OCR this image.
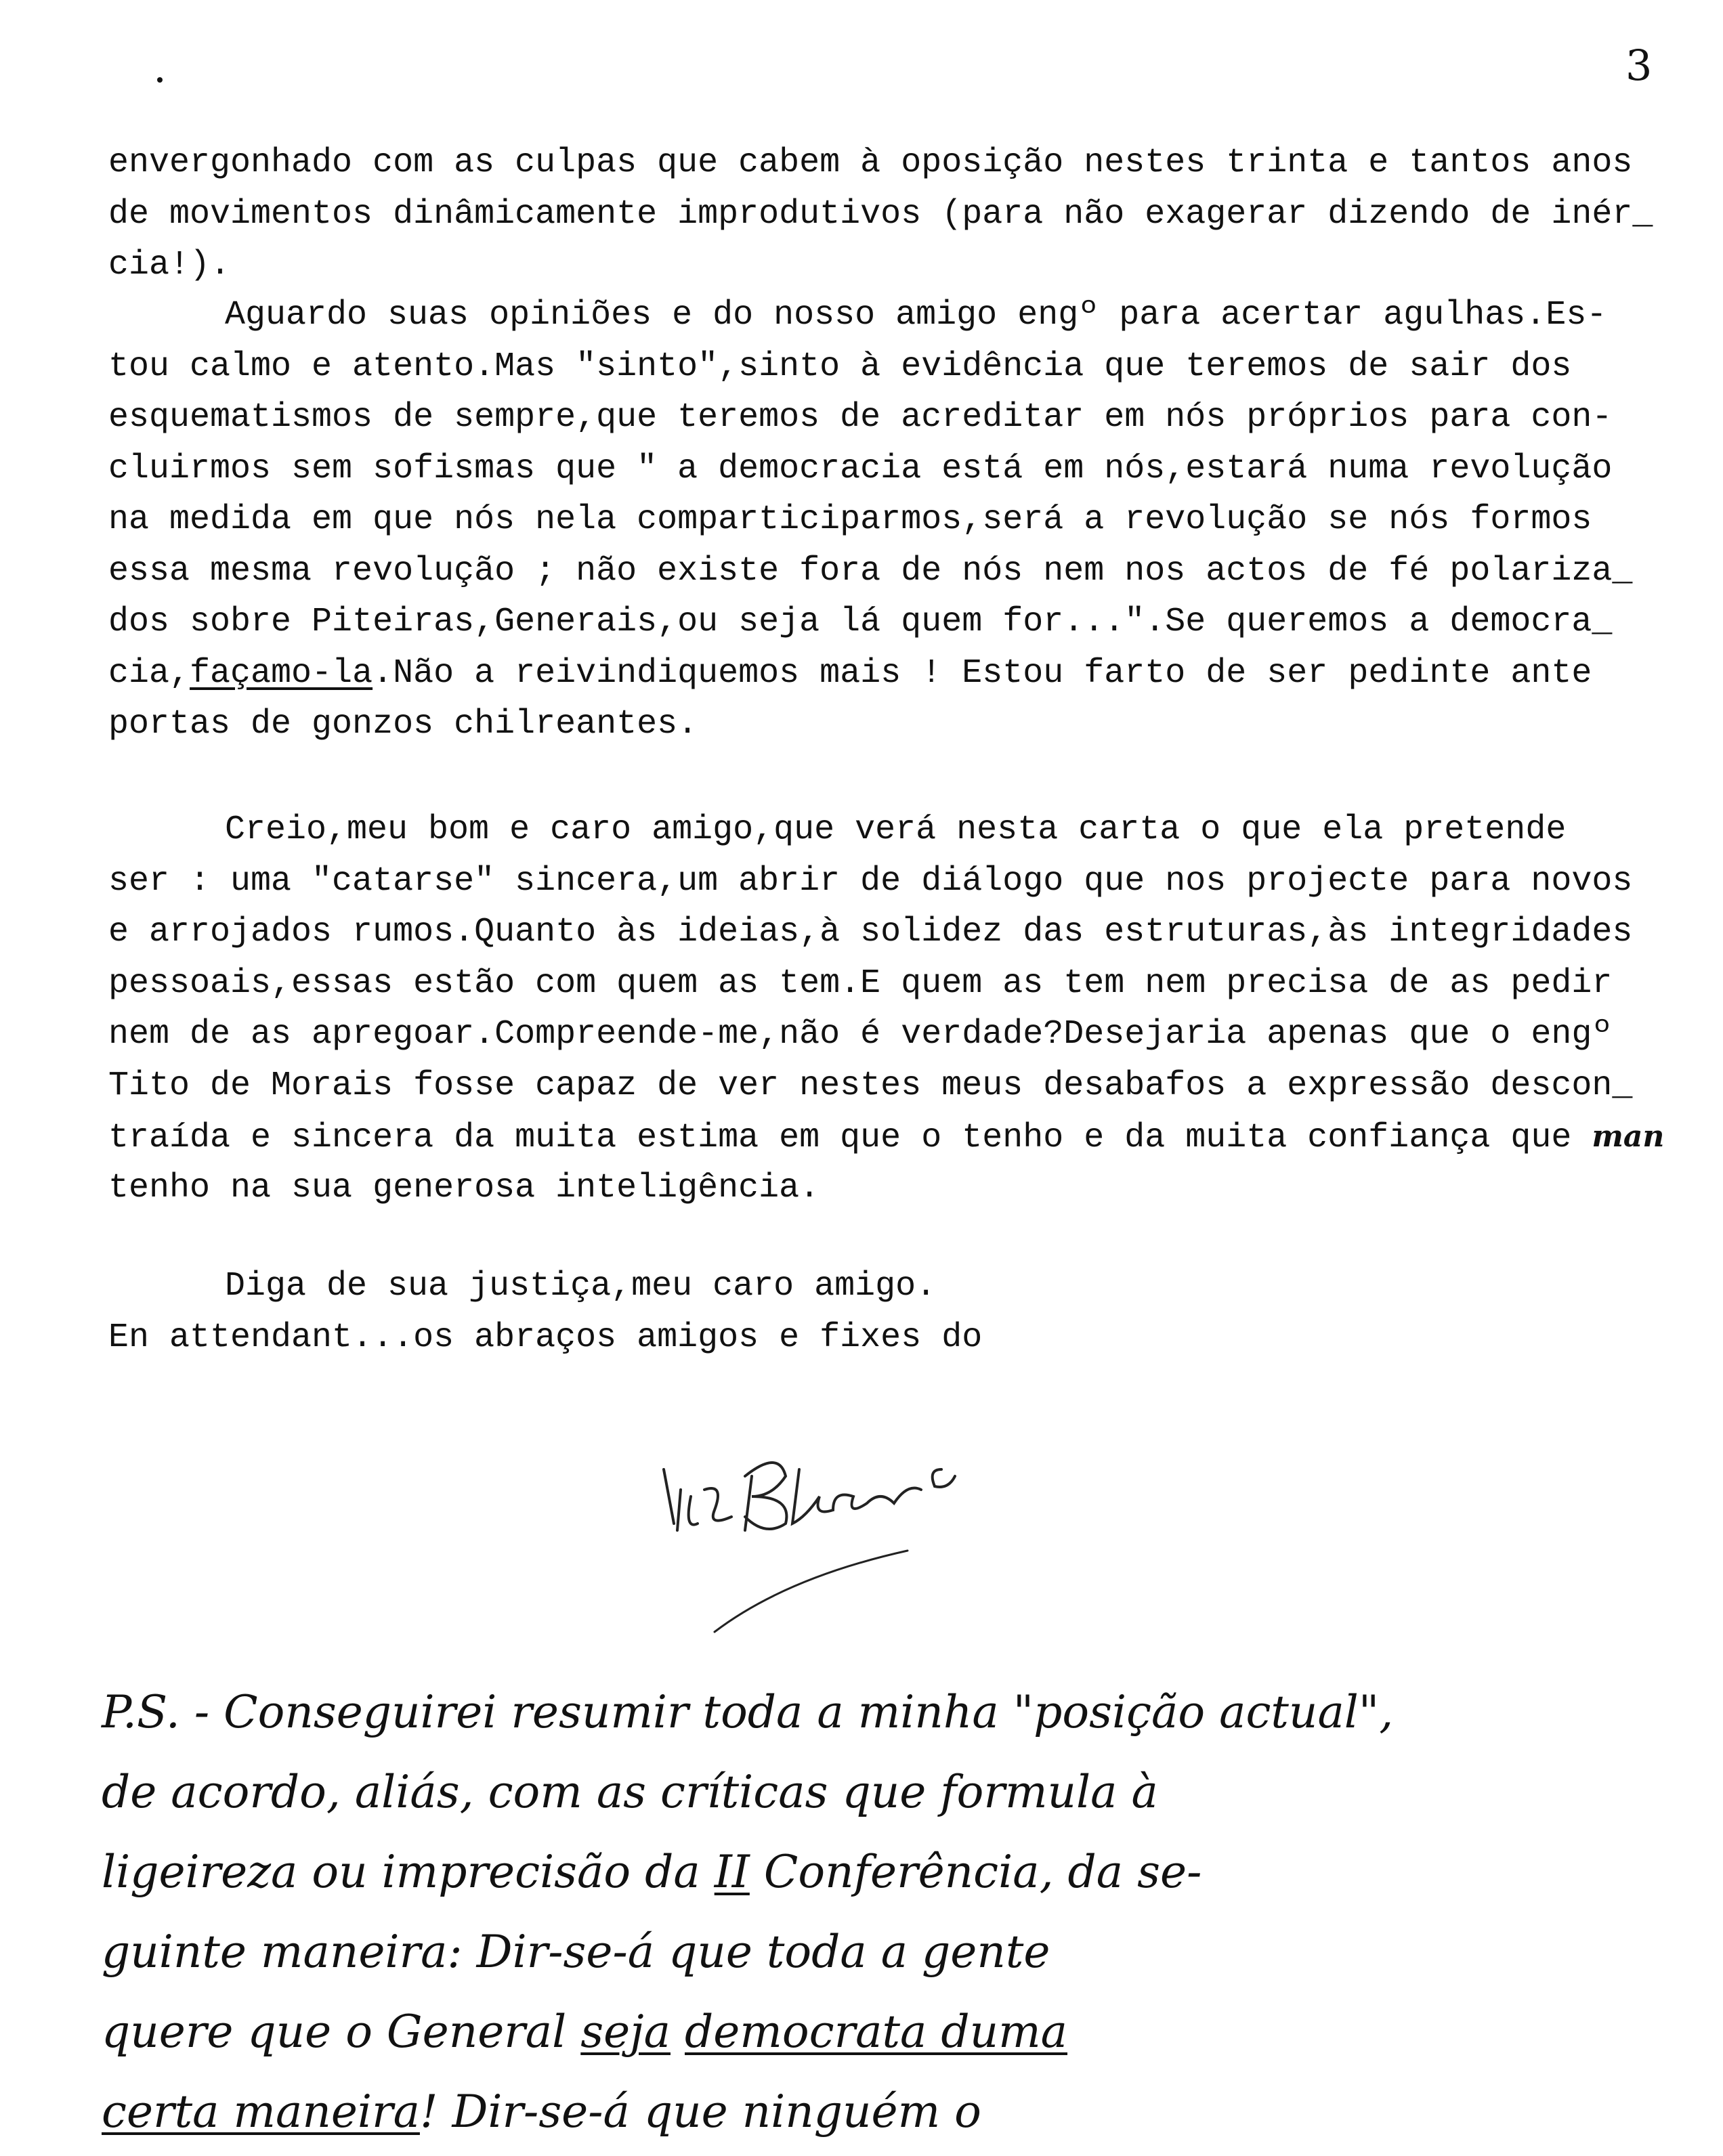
3
envergonhado com as culpas que cabem à oposição nestes trinta e tantos anos
de movimentos dinâmicamente improdutivos (para não exagerar dizendo de inér_
cia!).
Aguardo suas opiniões e do nosso amigo engº para acertar agulhas.Es-
tou calmo e atento.Mas "sinto",sinto à evidência que teremos de sair dos
esquematismos de sempre,que teremos de acreditar em nós próprios para con-
cluirmos sem sofismas que " a democracia está em nós,estará numa revolução
na medida em que nós nela comparticiparmos,será a revolução se nós formos
essa mesma revolução ; não existe fora de nós nem nos actos de fé polariza_
dos sobre Piteiras,Generais,ou seja lá quem for...".Se queremos a democra_
cia,façamo-la.Não a reivindiquemos mais ! Estou farto de ser pedinte ante
portas de gonzos chilreantes.
Creio,meu bom e caro amigo,que verá nesta carta o que ela pretende
ser : uma "catarse" sincera,um abrir de diálogo que nos projecte para novos
e arrojados rumos.Quanto às ideias,à solidez das estruturas,às integridades
pessoais,essas estão com quem as tem.E quem as tem nem precisa de as pedir
nem de as apregoar.Compreende-me,não é verdade?Desejaria apenas que o engº
Tito de Morais fosse capaz de ver nestes meus desabafos a expressão descon_
traída e sincera da muita estima em que o tenho e da muita confiança que man
tenho na sua generosa inteligência.
Diga de sua justiça,meu caro amigo.
En attendant...os abraços amigos e fixes do
P.S. - Conseguirei resumir toda a minha "posição actual",
de acordo, aliás, com as críticas que formula à
ligeireza ou imprecisão da II Conferência, da se-
guinte maneira: Dir-se-á que toda a gente
quere que o General seja democrata duma
certa maneira! Dir-se-á que ninguém o
